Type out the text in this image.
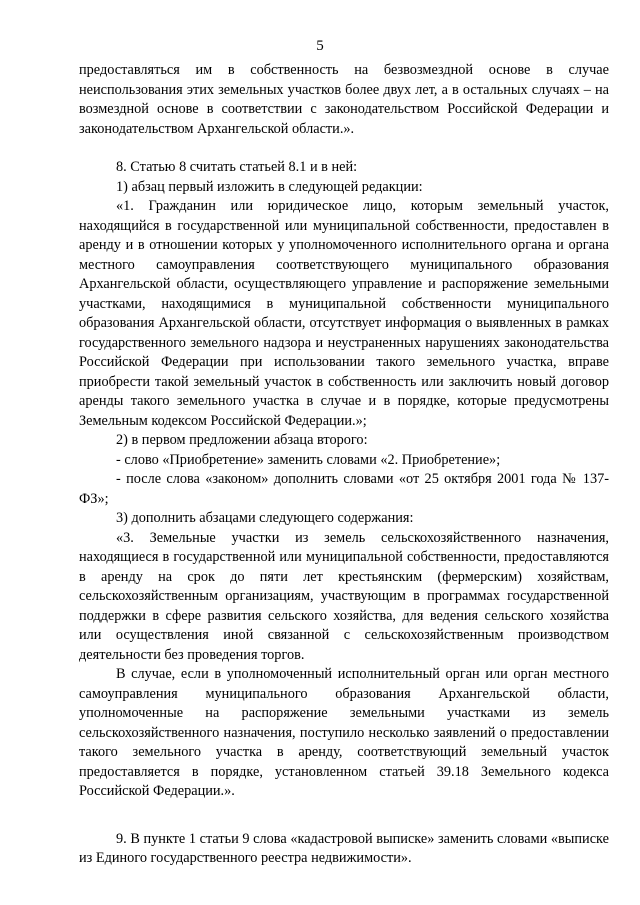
5

предоставляться им в собственность на безвозмездной основе в случае неиспользования этих земельных участков более двух лет, а в остальных случаях – на возмездной основе в соответствии с законодательством Российской Федерации и законодательством Архангельской области.».

8. Статью 8 считать статьей 8.1 и в ней:

1) абзац первый изложить в следующей редакции:

«1. Гражданин или юридическое лицо, которым земельный участок, находящийся в государственной или муниципальной собственности, предоставлен в аренду и в отношении которых у уполномоченного исполнительного органа и органа местного самоуправления соответствующего муниципального образования Архангельской области, осуществляющего управление и распоряжение земельными участками, находящимися в муниципальной собственности муниципального образования Архангельской области, отсутствует информация о выявленных в рамках государственного земельного надзора и неустраненных нарушениях законодательства Российской Федерации при использовании такого земельного участка, вправе приобрести такой земельный участок в собственность или заключить новый договор аренды такого земельного участка в случае и в порядке, которые предусмотрены Земельным кодексом Российской Федерации.»;

2) в первом предложении абзаца второго:

- слово «Приобретение» заменить словами «2. Приобретение»;

- после слова «законом» дополнить словами «от 25 октября 2001 года № 137-ФЗ»;

3) дополнить абзацами следующего содержания:

«3. Земельные участки из земель сельскохозяйственного назначения, находящиеся в государственной или муниципальной собственности, предоставляются в аренду на срок до пяти лет крестьянским (фермерским) хозяйствам, сельскохозяйственным организациям, участвующим в программах государственной поддержки в сфере развития сельского хозяйства, для ведения сельского хозяйства или осуществления иной связанной с сельскохозяйственным производством деятельности без проведения торгов.

В случае, если в уполномоченный исполнительный орган или орган местного самоуправления муниципального образования Архангельской области, уполномоченные на распоряжение земельными участками из земель сельскохозяйственного назначения, поступило несколько заявлений о предоставлении такого земельного участка в аренду, соответствующий земельный участок предоставляется в порядке, установленном статьей 39.18 Земельного кодекса Российской Федерации.».

9. В пункте 1 статьи 9 слова «кадастровой выписке» заменить словами «выписке из Единого государственного реестра недвижимости».
